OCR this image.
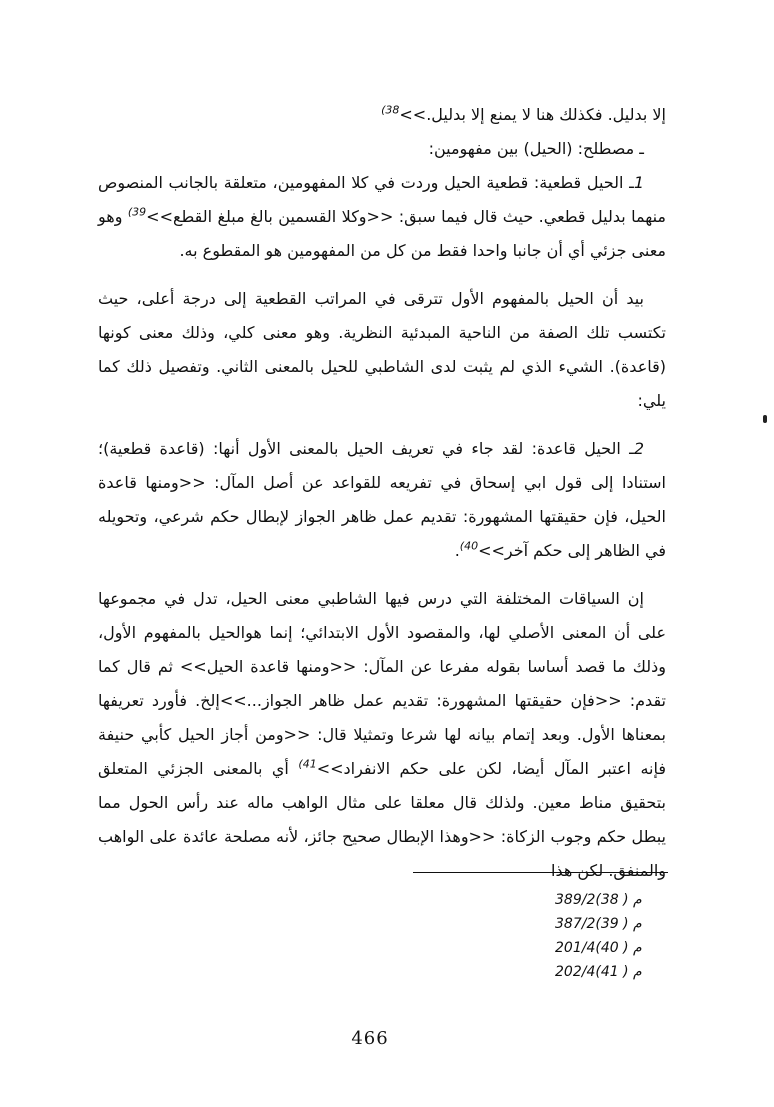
إلا بدليل. فكذلك هنا لا يمنع إلا بدليل.>>$^{38)}$

ـ مصطلح: (الحيل) بين مفهومين:

1ـ الحيل قطعية: قطعية الحيل وردت في كلا المفهومين، متعلقة بالجانب المنصوص منهما بدليل قطعي. حيث قال فيما سبق: <<وكلا القسمين بالغ مبلغ القطع>>$^{39)}$ وهو معنى جزئي أي أن جانبا واحدا فقط من كل من المفهومين هو المقطوع به.

بيد أن الحيل بالمفهوم الأول تترقى في المراتب القطعية إلى درجة أعلى، حيث تكتسب تلك الصفة من الناحية المبدئية النظرية. وهو معنى كلي، وذلك معنى كونها (قاعدة). الشيء الذي لم يثبت لدى الشاطبي للحيل بالمعنى الثاني. وتفصيل ذلك كما يلي:

2ـ الحيل قاعدة: لقد جاء في تعريف الحيل بالمعنى الأول أنها: (قاعدة قطعية)؛ استنادا إلى قول ابي إسحاق في تفريعه للقواعد عن أصل المآل: <<ومنها قاعدة الحيل، فإن حقيقتها المشهورة: تقديم عمل ظاهر الجواز لإبطال حكم شرعي، وتحويله في الظاهر إلى حكم آخر>>$^{40)}$.

إن السياقات المختلفة التي درس فيها الشاطبي معنى الحيل، تدل في مجموعها على أن المعنى الأصلي لها، والمقصود الأول الابتدائي؛ إنما هوالحيل بالمفهوم الأول، وذلك ما قصد أساسا بقوله مفرعا عن المآل: <<ومنها قاعدة الحيل>> ثم قال كما تقدم: <<فإن حقيقتها المشهورة: تقديم عمل ظاهر الجواز...>>إلخ. فأورد تعريفها بمعناها الأول. وبعد إتمام بيانه لها شرعا وتمثيلا قال: <<ومن أجاز الحيل كأبي حنيفة فإنه اعتبر المآل أيضا، لكن على حكم الانفراد>>$^{41)}$ أي بالمعنى الجزئي المتعلق بتحقيق مناط معين. ولذلك قال معلقا على مثال الواهب ماله عند رأس الحول مما يبطل حكم وجوب الزكاة: <<وهذا الإبطال صحيح جائز، لأنه مصلحة عائدة على الواهب والمنفق. لكن هذا

389/2م ( 38)
387/2م ( 39)
201/4م ( 40)
202/4م ( 41)
466
